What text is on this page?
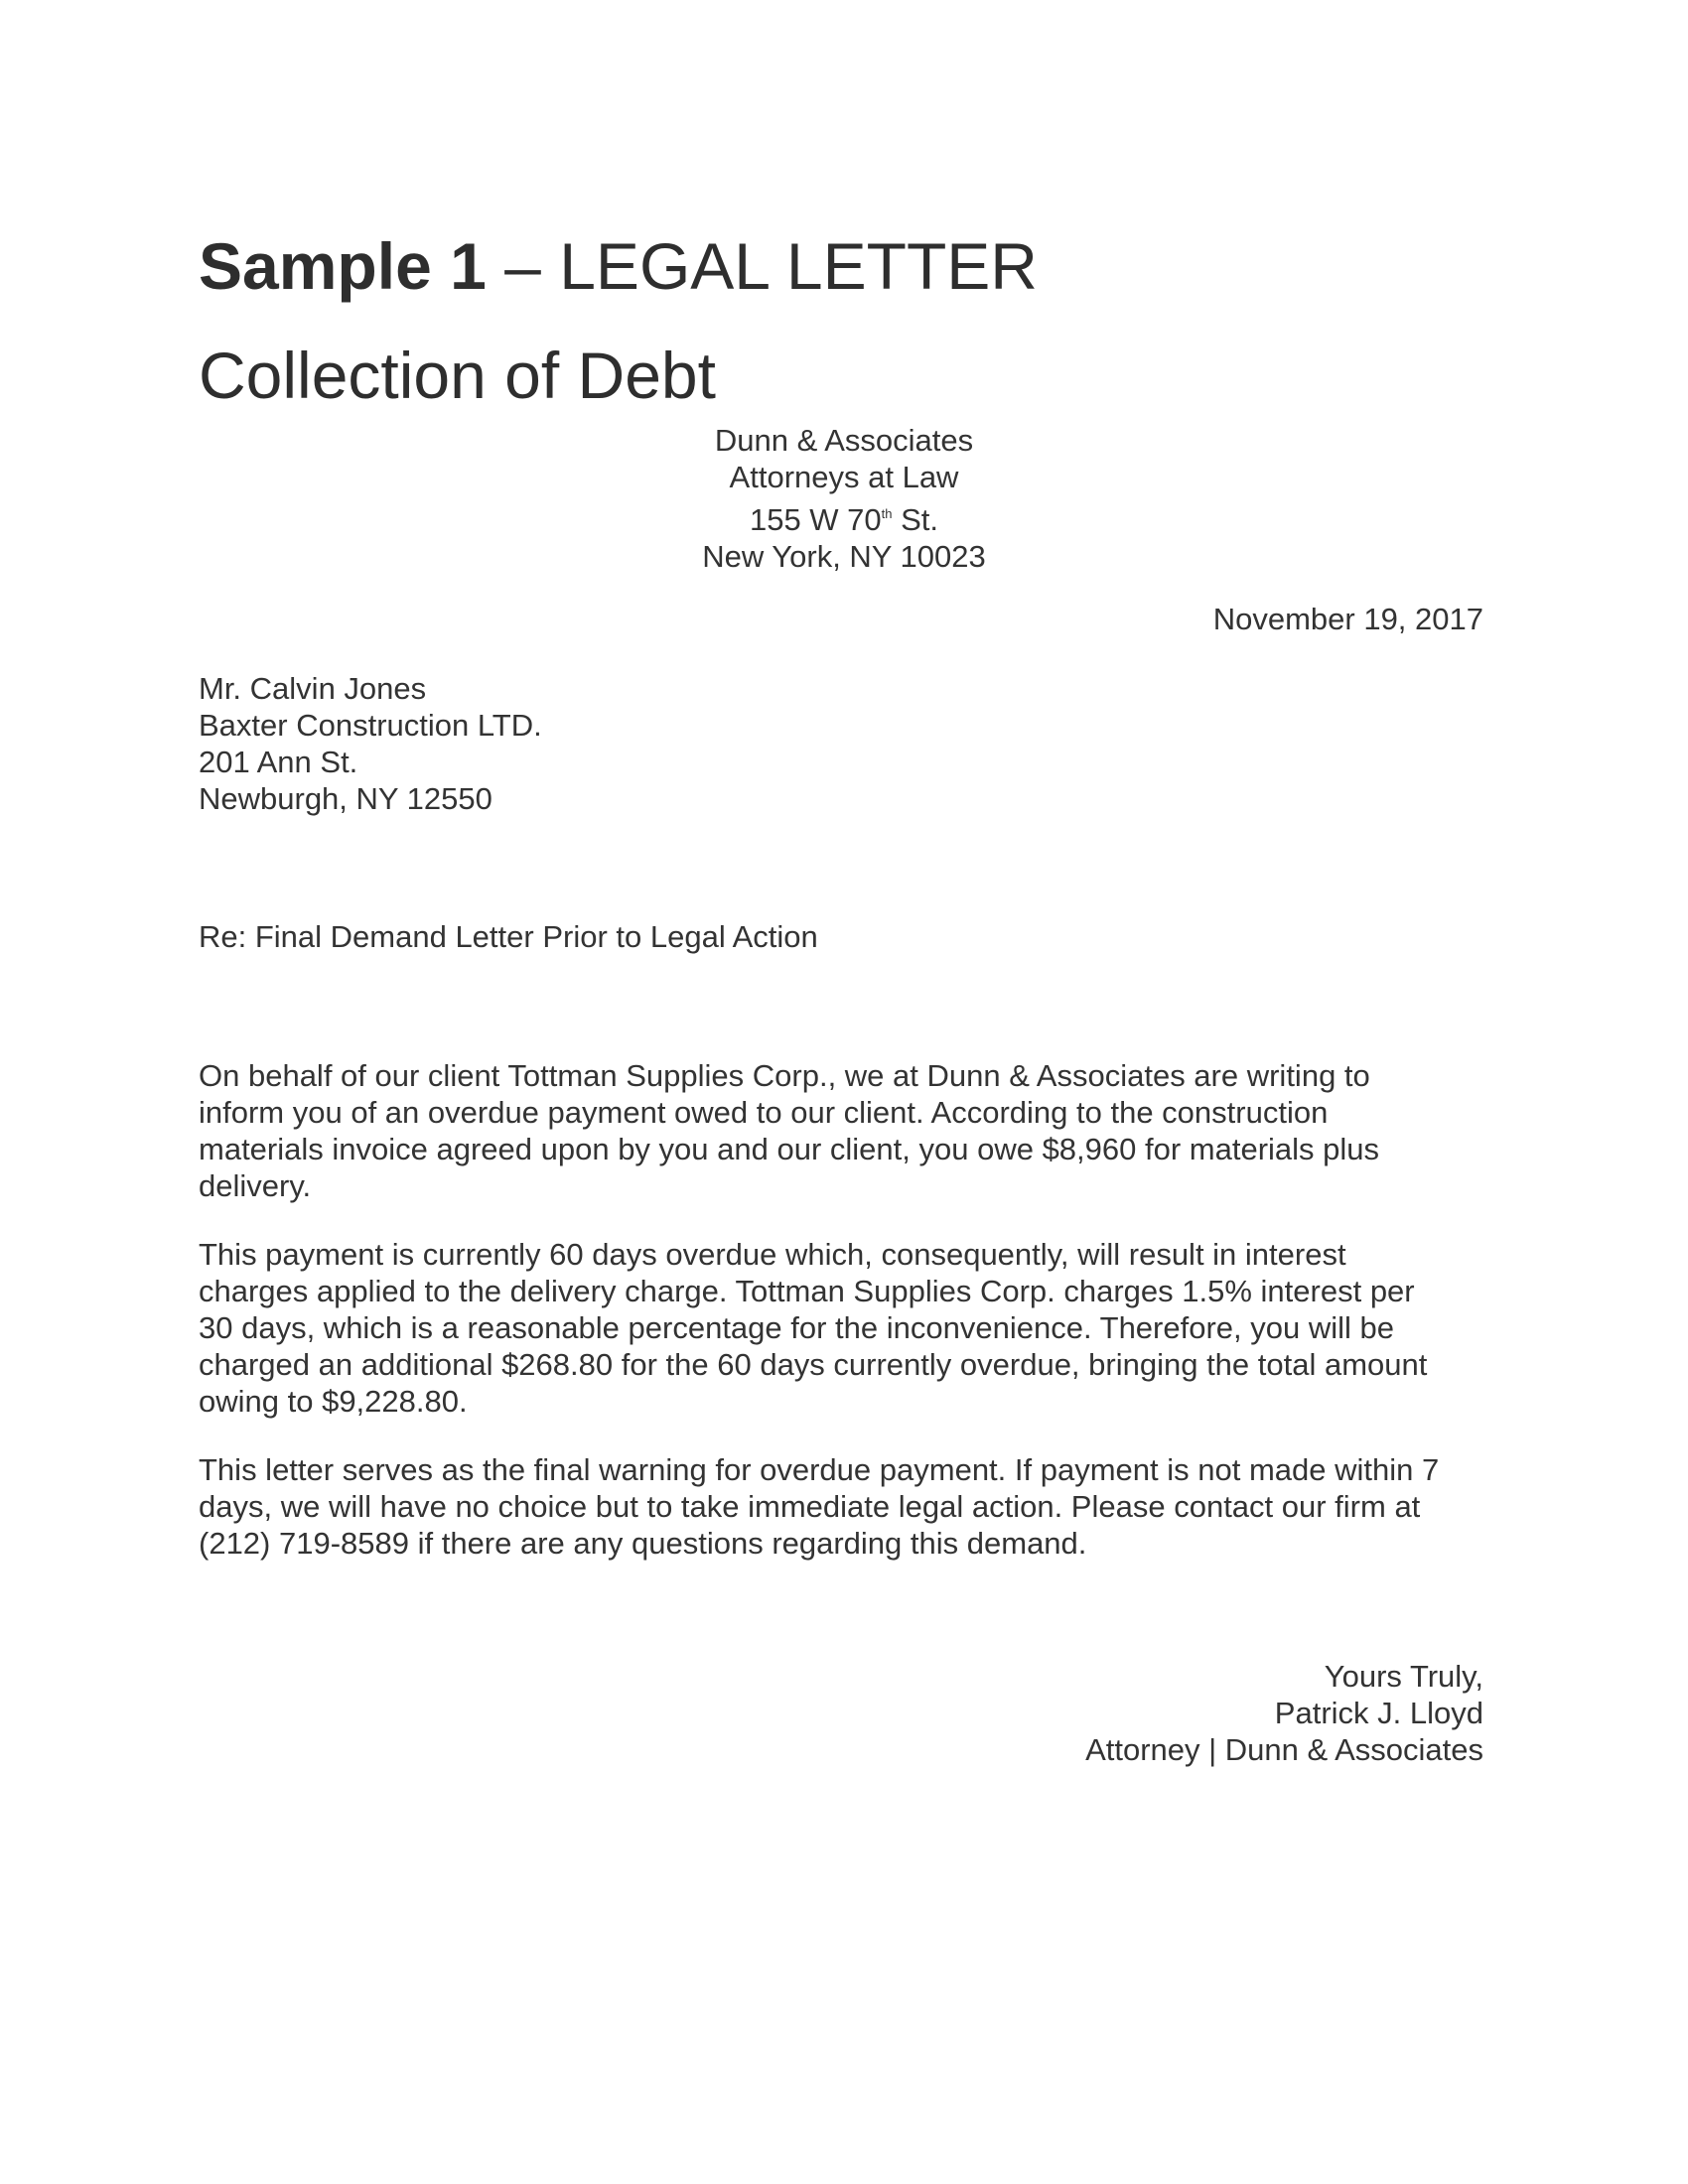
Sample 1 – LEGAL LETTER
Collection of Debt
Dunn & Associates
Attorneys at Law
155 W 70th St.
New York, NY 10023
November 19, 2017
Mr. Calvin Jones
Baxter Construction LTD.
201 Ann St.
Newburgh, NY 12550
Re: Final Demand Letter Prior to Legal Action

On behalf of our client Tottman Supplies Corp., we at Dunn & Associates are writing to
inform you of an overdue payment owed to our client. According to the construction
materials invoice agreed upon by you and our client, you owe $8,960 for materials plus
delivery.

This payment is currently 60 days overdue which, consequently, will result in interest
charges applied to the delivery charge. Tottman Supplies Corp. charges 1.5% interest per
30 days, which is a reasonable percentage for the inconvenience. Therefore, you will be
charged an additional $268.80 for the 60 days currently overdue, bringing the total amount
owing to $9,228.80.

This letter serves as the final warning for overdue payment. If payment is not made within 7
days, we will have no choice but to take immediate legal action. Please contact our firm at
(212) 719-8589 if there are any questions regarding this demand.

Yours Truly,
Patrick J. Lloyd
Attorney | Dunn & Associates
